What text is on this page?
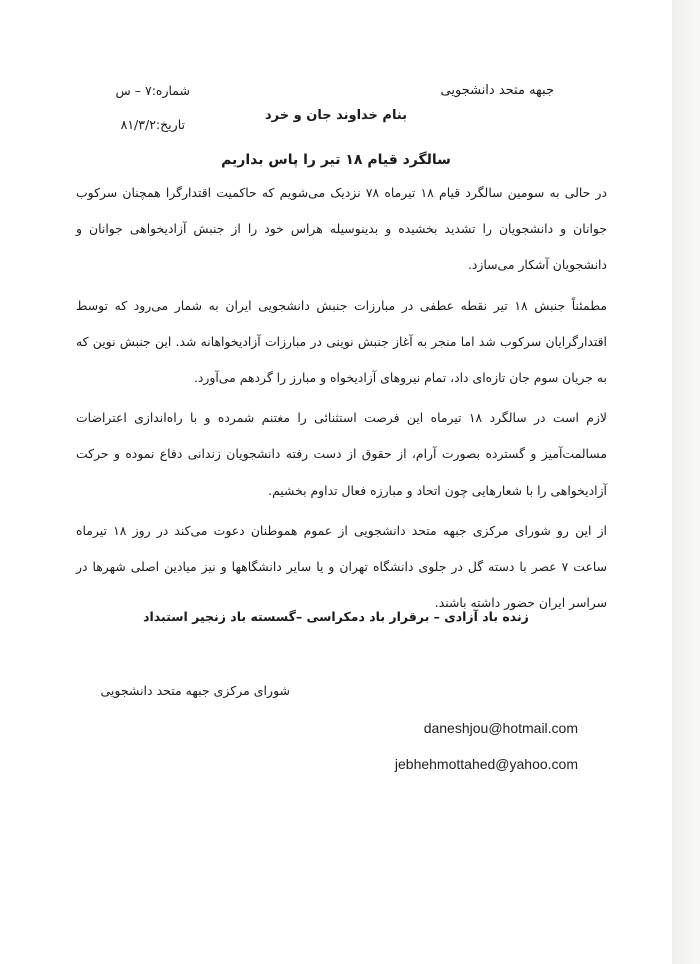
جبهه متحد دانشجویی
شماره:۷ – س
بنام خداوند جان و خرد
تاریخ:۸۱/۳/۲
سالگرد قیام ۱۸ تیر را پاس بداریم

در حالی به سومین سالگرد قیام ۱۸ تیرماه ۷۸ نزدیک می‌شویم که حاکمیت اقتدارگرا همچنان سرکوب جوانان و دانشجویان را تشدید بخشیده و بدینوسیله هراس خود را از جنبش آزادیخواهی جوانان و دانشجویان آشکار می‌سازد.

مطمئناً جنبش ۱۸ تیر نقطه عطفی در مبارزات جنبش دانشجویی ایران به شمار می‌رود که توسط اقتدارگرایان سرکوب شد اما منجر به آغاز جنبش نوینی در مبارزات آزادیخواهانه شد. این جنبش نوین که به جریان سوم جان تازه‌ای داد، تمام نیروهای آزادیخواه و مبارز را گردهم می‌آورد.

لازم است در سالگرد ۱۸ تیرماه این فرصت استثنائی را مغتنم شمرده و با راه‌اندازی اعتراضات مسالمت‌آمیز و گسترده بصورت آرام، از حقوق از دست رفته دانشجویان زندانی دفاع نموده و حرکت آزادیخواهی را با شعارهایی چون اتحاد و مبارزه فعال تداوم بخشیم.

از این رو شورای مرکزی جبهه متحد دانشجویی از عموم هموطنان دعوت می‌کند در روز ۱۸ تیرماه ساعت ۷ عصر با دسته گل در جلوی دانشگاه تهران و یا سایر دانشگاهها و نیز میادین اصلی شهرها در سراسر ایران حضور داشته باشند.

زنده باد آزادی – برقرار باد دمکراسی –گسسته باد زنجیر استبداد
شورای مرکزی جبهه متحد دانشجویی
daneshjou@hotmail.com
jebhehmottahed@yahoo.com
